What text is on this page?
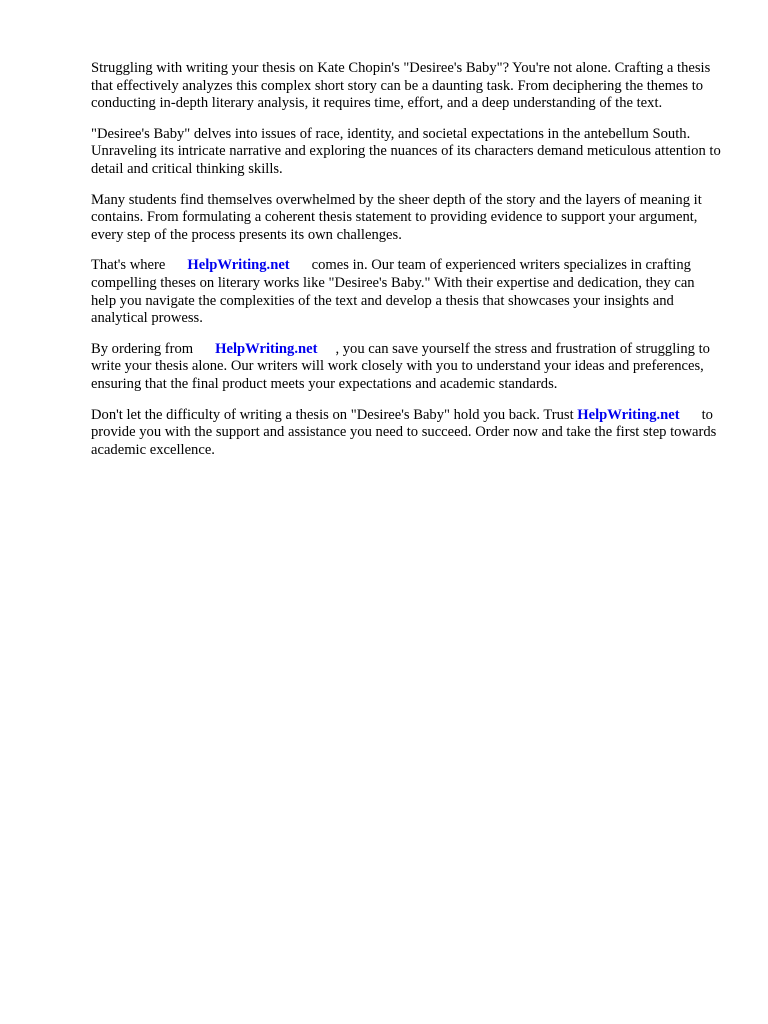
Struggling with writing your thesis on Kate Chopin's "Desiree's Baby"? You're not alone. Crafting a thesis that effectively analyzes this complex short story can be a daunting task. From deciphering the themes to conducting in-depth literary analysis, it requires time, effort, and a deep understanding of the text.

"Desiree's Baby" delves into issues of race, identity, and societal expectations in the antebellum South. Unraveling its intricate narrative and exploring the nuances of its characters demand meticulous attention to detail and critical thinking skills.

Many students find themselves overwhelmed by the sheer depth of the story and the layers of meaning it contains. From formulating a coherent thesis statement to providing evidence to support your argument, every step of the process presents its own challenges.

That's where HelpWriting.net comes in. Our team of experienced writers specializes in crafting compelling theses on literary works like "Desiree's Baby." With their expertise and dedication, they can help you navigate the complexities of the text and develop a thesis that showcases your insights and analytical prowess.

By ordering from HelpWriting.net , you can save yourself the stress and frustration of struggling to write your thesis alone. Our writers will work closely with you to understand your ideas and preferences, ensuring that the final product meets your expectations and academic standards.

Don't let the difficulty of writing a thesis on "Desiree's Baby" hold you back. Trust HelpWriting.net to provide you with the support and assistance you need to succeed. Order now and take the first step towards academic excellence.
